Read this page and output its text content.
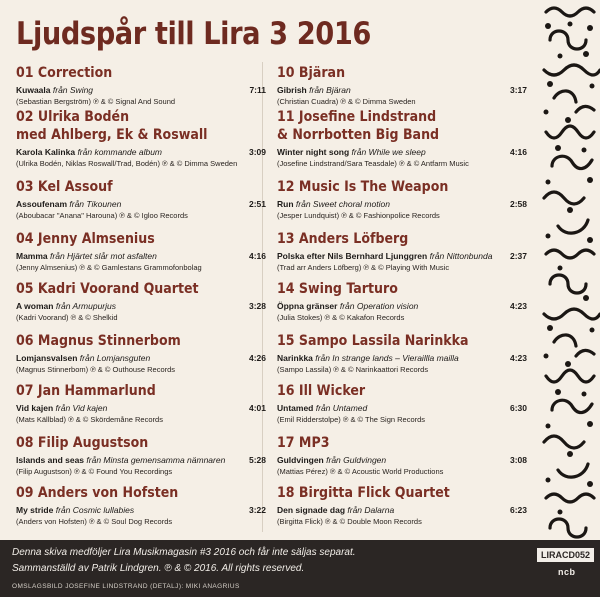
Ljudspår till Lira 3 2016
01 Correction
Kuwaala från Swing	7:11
(Sebastian Bergström) ℗ & © Signal And Sound
02 Ulrika Bodén
med Ahlberg, Ek & Roswall
Karola Kalinka från kommande album	3:09
(Ulrika Bodén, Niklas Roswall/Trad, Bodén) ℗ & © Dimma Sweden
03 Kel Assouf
Assoufenam från Tikounen	2:51
(Aboubacar "Anana" Harouna) ℗ & © Igloo Records
04 Jenny Almsenius
Mamma från Hjärtet slår mot asfalten	4:16
(Jenny Almsenius) ℗ & © Gamlestans Grammofonbolag
05 Kadri Voorand Quartet
A woman från Armupurjus	3:28
(Kadri Voorand) ℗ & © Shelkid
06 Magnus Stinnerbom
Lomjansvalsen från Lomjansguten	4:26
(Magnus Stinnerbom) ℗ & © Outhouse Records
07 Jan Hammarlund
Vid kajen från Vid kajen	4:01
(Mats Källblad) ℗ & © Skördemåne Records
08 Filip Augustson
Islands and seas från Minsta gemensamma nämnaren	5:28
(Filip Augustson) ℗ & © Found You Recordings
09 Anders von Hofsten
My stride från Cosmic lullabies	3:22
(Anders von Hofsten) ℗ & © Soul Dog Records
10 Bjäran
Gibrish från Bjäran	3:17
(Christian Cuadra) ℗ & © Dimma Sweden
11 Josefine Lindstrand
& Norrbotten Big Band
Winter night song från While we sleep	4:16
(Josefine Lindstrand/Sara Teasdale) ℗ & © Antfarm Music
12 Music Is The Weapon
Run från Sweet choral motion	2:58
(Jesper Lundquist) ℗ & © Fashionpolice Records
13 Anders Löfberg
Polska efter Nils Bernhard Ljunggren från Nittonbunda 2:37
(Trad arr Anders Löfberg) ℗ & © Playing With Music
14 Swing Tarturo
Öppna gränser från Operation vision	4:23
(Julia Stokes) ℗ & © Kakafon Records
15 Sampo Lassila Narinkka
Narinkka från In strange lands – Vieraillla mailla	4:23
(Sampo Lassila) ℗ & © Narinkaattori Records
16 Ill Wicker
Untamed från Untamed	6:30
(Emil Ridderstolpe) ℗ & © The Sign Records
17 MP3
Guldvingen från Guldvingen	3:08
(Mattias Pérez) ℗ & © Acoustic World Productions
18 Birgitta Flick Quartet
Den signade dag från Dalarna	6:23
(Birgitta Flick) ℗ & © Double Moon Records
Denna skiva medföljer Lira Musikmagasin #3 2016 och får inte säljas separat.
Sammanställd av Patrik Lindgren. ℗ & © 2016. All rights reserved.
OMSLAGSBILD JOSEFINE LINDSTRAND (DETALJ): MIKI ANAGRIUS
LIRACD052
ncb
